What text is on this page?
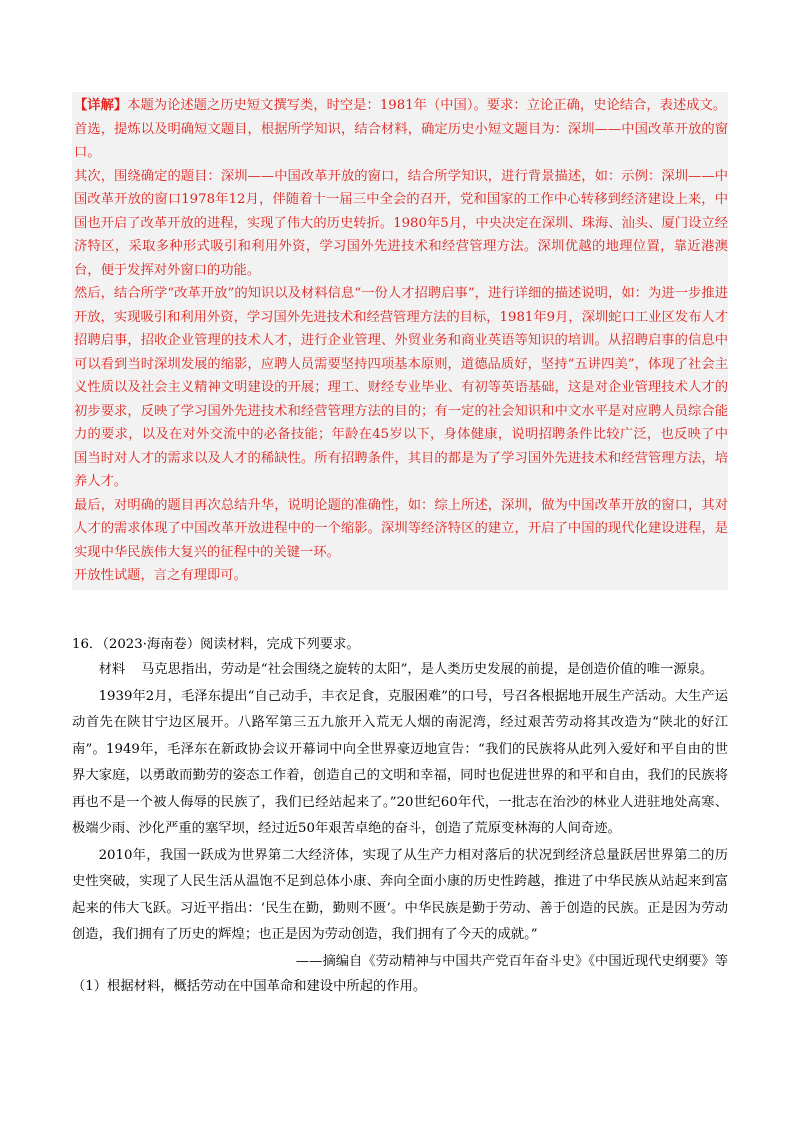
【详解】本题为论述题之历史短文撰写类，时空是：1981年（中国）。要求：立论正确，史论结合，表述成文。

首选，提炼以及明确短文题目，根据所学知识，结合材料，确定历史小短文题目为：深圳——中国改革开放的窗口。

其次，围绕确定的题目：深圳——中国改革开放的窗口，结合所学知识，进行背景描述，如：示例：深圳——中国改革开放的窗口1978年12月，伴随着十一届三中全会的召开，党和国家的工作中心转移到经济建设上来，中国也开启了改革开放的进程，实现了伟大的历史转折。1980年5月，中央决定在深圳、珠海、汕头、厦门设立经济特区，采取多种形式吸引和利用外资，学习国外先进技术和经营管理方法。深圳优越的地理位置，靠近港澳台，便于发挥对外窗口的功能。

然后，结合所学“改革开放”的知识以及材料信息“一份人才招聘启事”，进行详细的描述说明，如：为进一步推进开放，实现吸引和利用外资，学习国外先进技术和经营管理方法的目标，1981年9月，深圳蛇口工业区发布人才招聘启事，招收企业管理的技术人才，进行企业管理、外贸业务和商业英语等知识的培训。从招聘启事的信息中可以看到当时深圳发展的缩影，应聘人员需要坚持四项基本原则，道德品质好，坚持“五讲四美”，体现了社会主义性质以及社会主义精神文明建设的开展；理工、财经专业毕业、有初等英语基础，这是对企业管理技术人才的初步要求，反映了学习国外先进技术和经营管理方法的目的；有一定的社会知识和中文水平是对应聘人员综合能力的要求，以及在对外交流中的必备技能；年龄在45岁以下，身体健康，说明招聘条件比较广泛，也反映了中国当时对人才的需求以及人才的稀缺性。所有招聘条件，其目的都是为了学习国外先进技术和经营管理方法，培养人才。

最后，对明确的题目再次总结升华，说明论题的准确性，如：综上所述，深圳，做为中国改革开放的窗口，其对人才的需求体现了中国改革开放进程中的一个缩影。深圳等经济特区的建立，开启了中国的现代化建设进程，是实现中华民族伟大复兴的征程中的关键一环。

开放性试题，言之有理即可。

16．（2023·海南卷）阅读材料，完成下列要求。

材料 马克思指出，劳动是“社会围绕之旋转的太阳”，是人类历史发展的前提，是创造价值的唯一源泉。

1939年2月，毛泽东提出“自己动手，丰衣足食，克服困难”的口号，号召各根据地开展生产活动。大生产运动首先在陕甘宁边区展开。八路军第三五九旅开入荒无人烟的南泥湾，经过艰苦劳动将其改造为“陕北的好江南”。1949年，毛泽东在新政协会议开幕词中向全世界豪迈地宣告：“我们的民族将从此列入爱好和平自由的世界大家庭，以勇敢而勤劳的姿态工作着，创造自己的文明和幸福，同时也促进世界的和平和自由，我们的民族将再也不是一个被人侮辱的民族了，我们已经站起来了。”20世纪60年代，一批志在治沙的林业人进驻地处高寒、极端少雨、沙化严重的塞罕坝，经过近50年艰苦卓绝的奋斗，创造了荒原变林海的人间奇迹。

2010年，我国一跃成为世界第二大经济体，实现了从生产力相对落后的状况到经济总量跃居世界第二的历史性突破，实现了人民生活从温饱不足到总体小康、奔向全面小康的历史性跨越，推进了中华民族从站起来到富起来的伟大飞跃。习近平指出：‘民生在勤，勤则不匮’。中华民族是勤于劳动、善于创造的民族。正是因为劳动创造，我们拥有了历史的辉煌；也正是因为劳动创造，我们拥有了今天的成就。”

——摘编自《劳动精神与中国共产党百年奋斗史》《中国近现代史纲要》等

（1）根据材料，概括劳动在中国革命和建设中所起的作用。
